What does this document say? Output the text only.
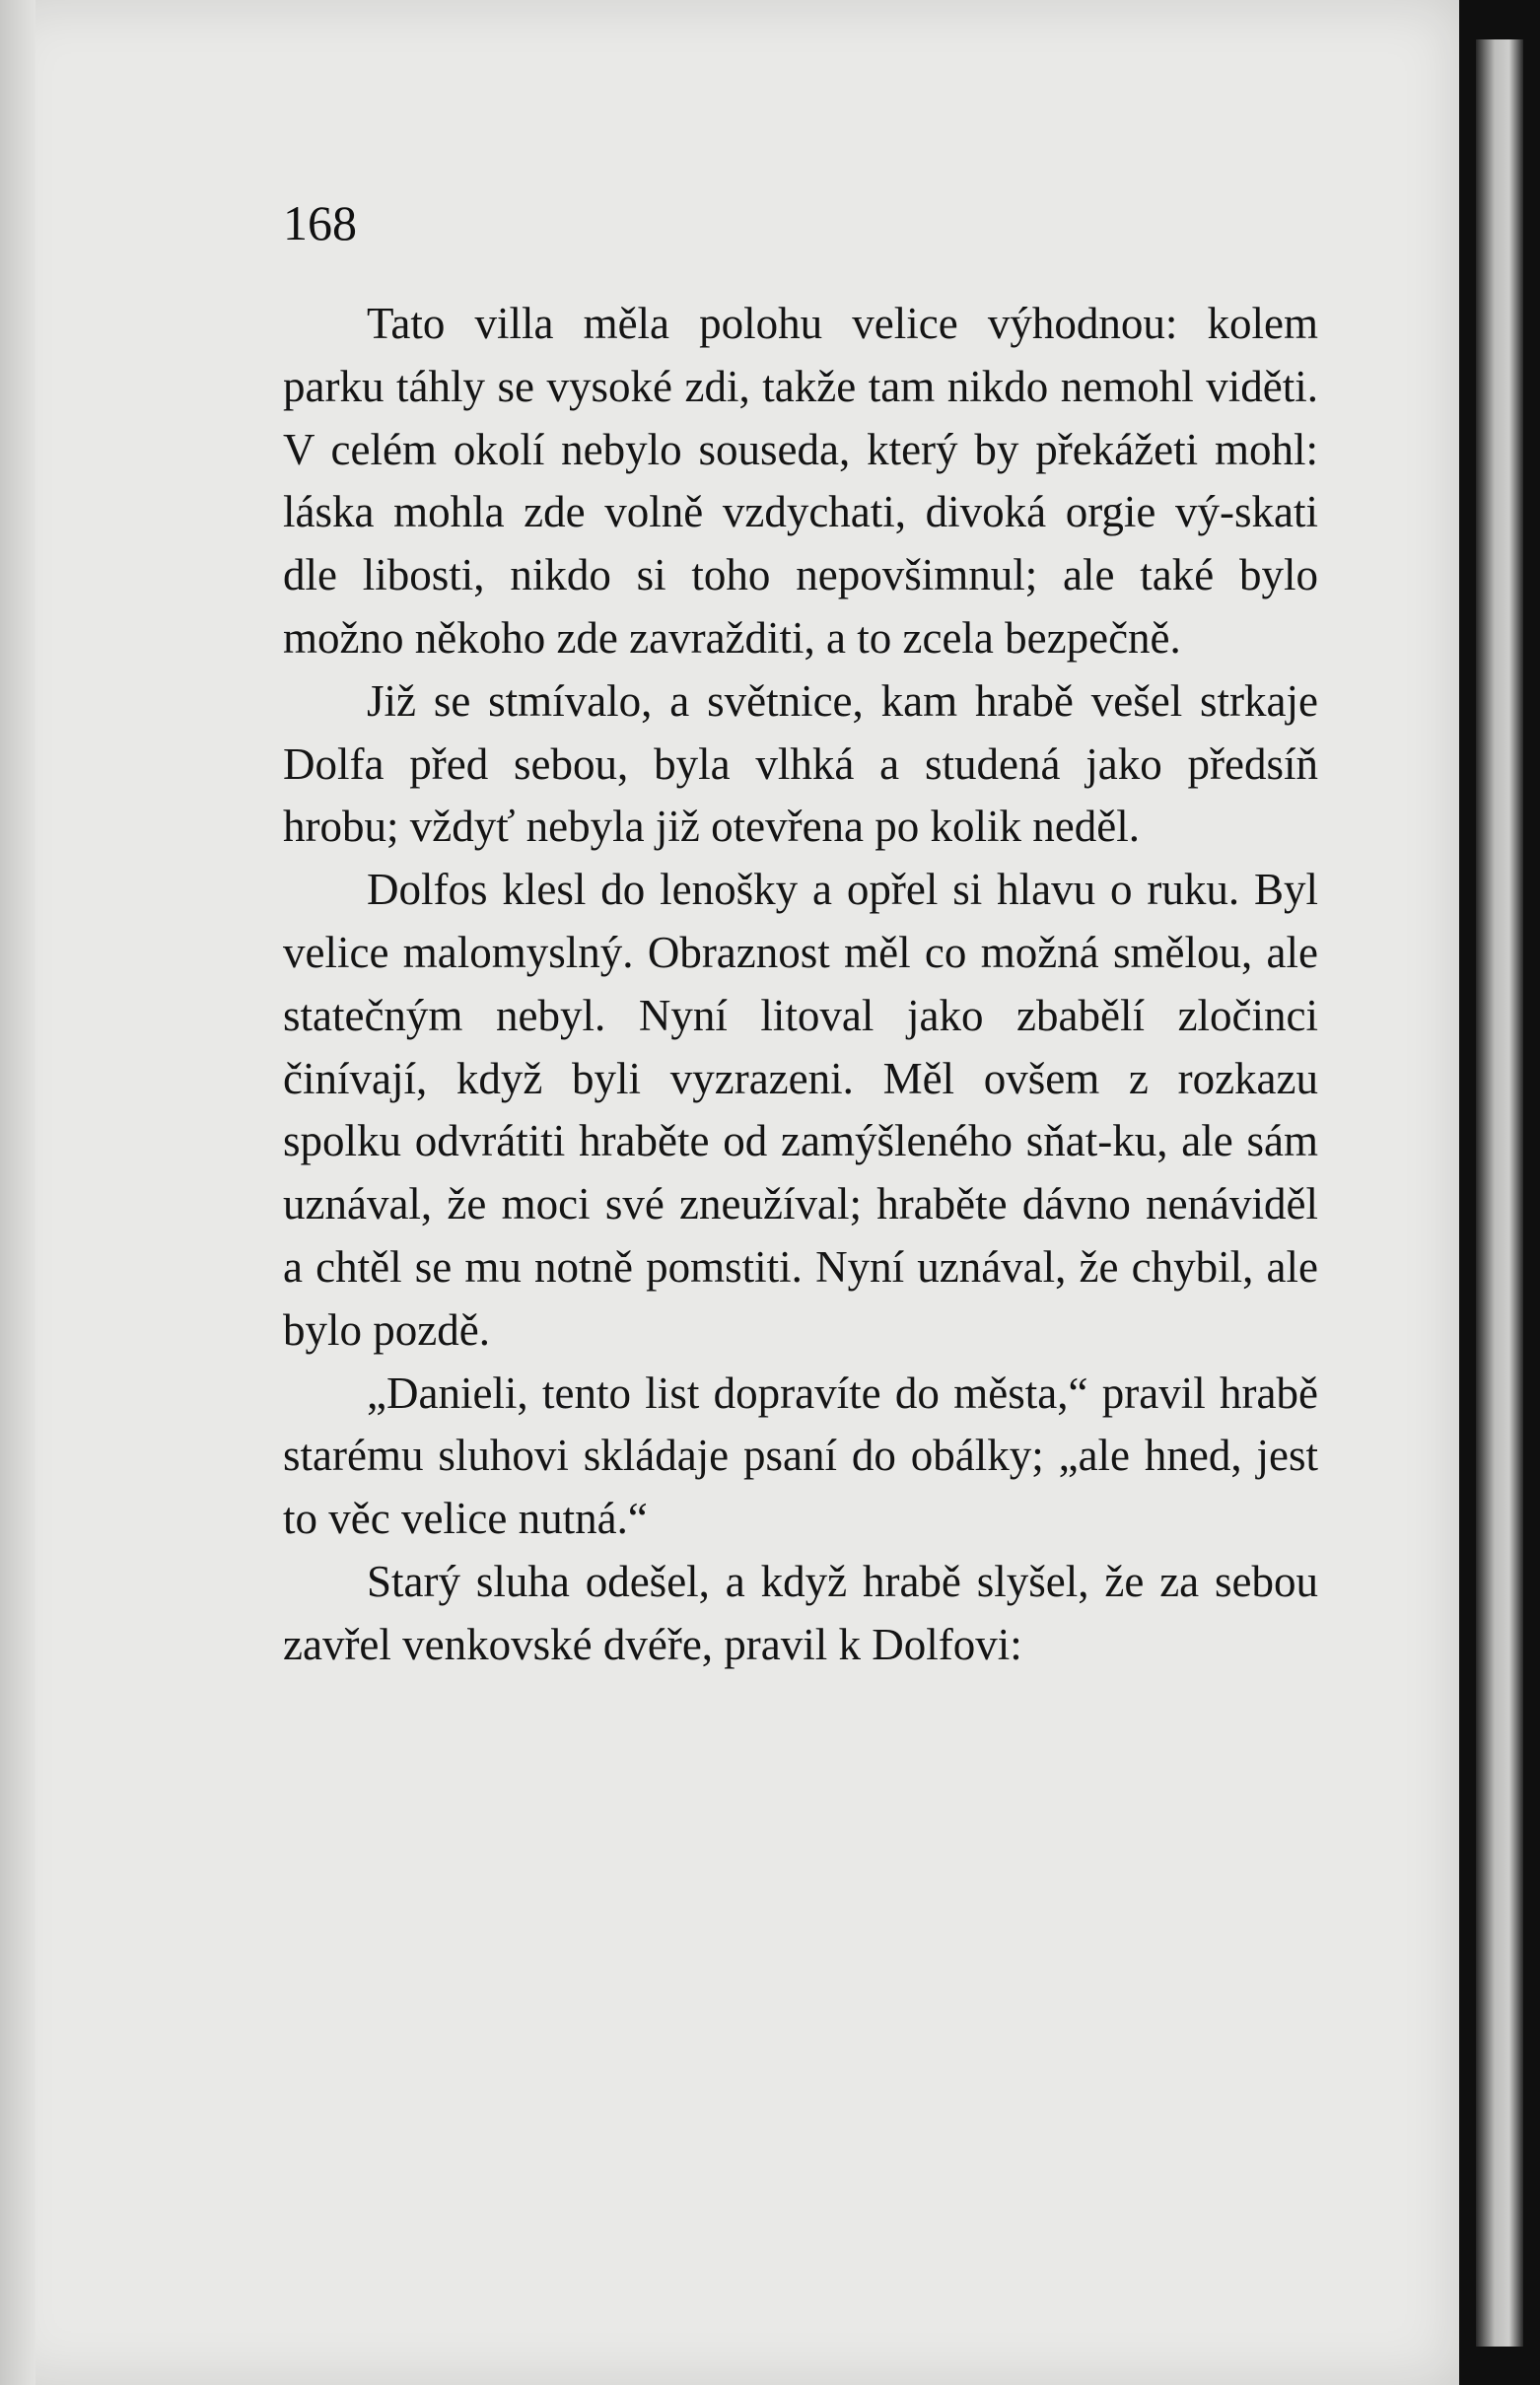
168

Tato villa měla polohu velice výhodnou: kolem parku táhly se vysoké zdi, takže tam nikdo nemohl viděti. V celém okolí nebylo souseda, který by překážeti mohl: láska mohla zde volně vzdychati, divoká orgie vý-skati dle libosti, nikdo si toho nepovšimnul; ale také bylo možno někoho zde zavražditi, a to zcela bezpečně.

Již se stmívalo, a světnice, kam hrabě vešel strkaje Dolfa před sebou, byla vlhká a studená jako předsíň hrobu; vždyť nebyla již otevřena po kolik neděl.

Dolfos klesl do lenošky a opřel si hlavu o ruku. Byl velice malomyslný. Obraznost měl co možná smělou, ale statečným nebyl. Nyní litoval jako zbabělí zločinci činívají, když byli vyzrazeni. Měl ovšem z rozkazu spolku odvrátiti hraběte od zamýšleného sňat-ku, ale sám uznával, že moci své zneužíval; hraběte dávno nenáviděl a chtěl se mu notně pomstiti. Nyní uznával, že chybil, ale bylo pozdě.

„Danieli, tento list dopravíte do města,“ pravil hrabě starému sluhovi skládaje psaní do obálky; „ale hned, jest to věc velice nutná.“

Starý sluha odešel, a když hrabě slyšel, že za sebou zavřel venkovské dvéře, pravil k Dolfovi:
